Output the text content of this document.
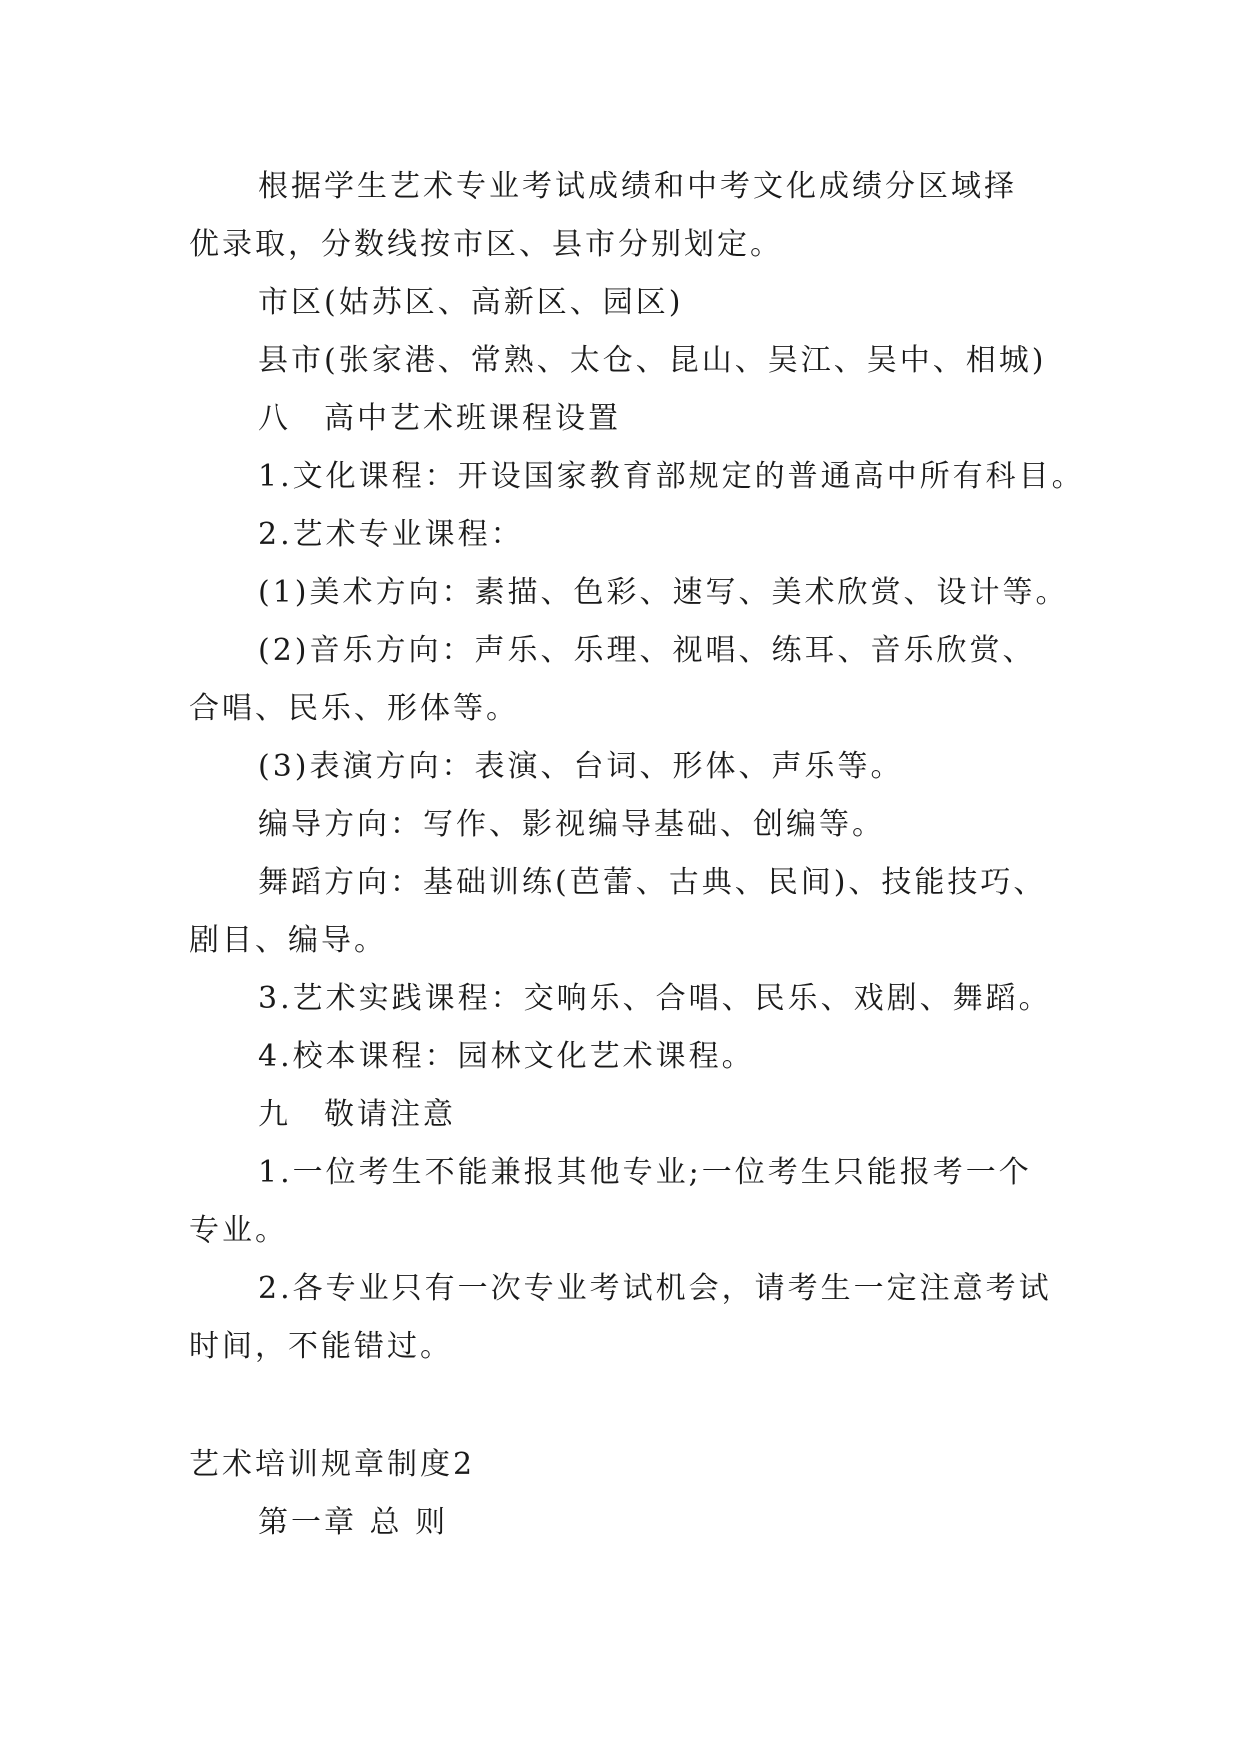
根据学生艺术专业考试成绩和中考文化成绩分区域择
优录取，分数线按市区、县市分别划定。
市区(姑苏区、高新区、园区)
县市(张家港、常熟、太仓、昆山、吴江、吴中、相城)
八　高中艺术班课程设置
1.文化课程：开设国家教育部规定的普通高中所有科目。
2.艺术专业课程：
(1)美术方向：素描、色彩、速写、美术欣赏、设计等。
(2)音乐方向：声乐、乐理、视唱、练耳、音乐欣赏、
合唱、民乐、形体等。
(3)表演方向：表演、台词、形体、声乐等。
编导方向：写作、影视编导基础、创编等。
舞蹈方向：基础训练(芭蕾、古典、民间)、技能技巧、
剧目、编导。
3.艺术实践课程：交响乐、合唱、民乐、戏剧、舞蹈。
4.校本课程：园林文化艺术课程。
九　敬请注意
1.一位考生不能兼报其他专业;一位考生只能报考一个
专业。
2.各专业只有一次专业考试机会，请考生一定注意考试
时间，不能错过。
艺术培训规章制度2
第一章 总 则
